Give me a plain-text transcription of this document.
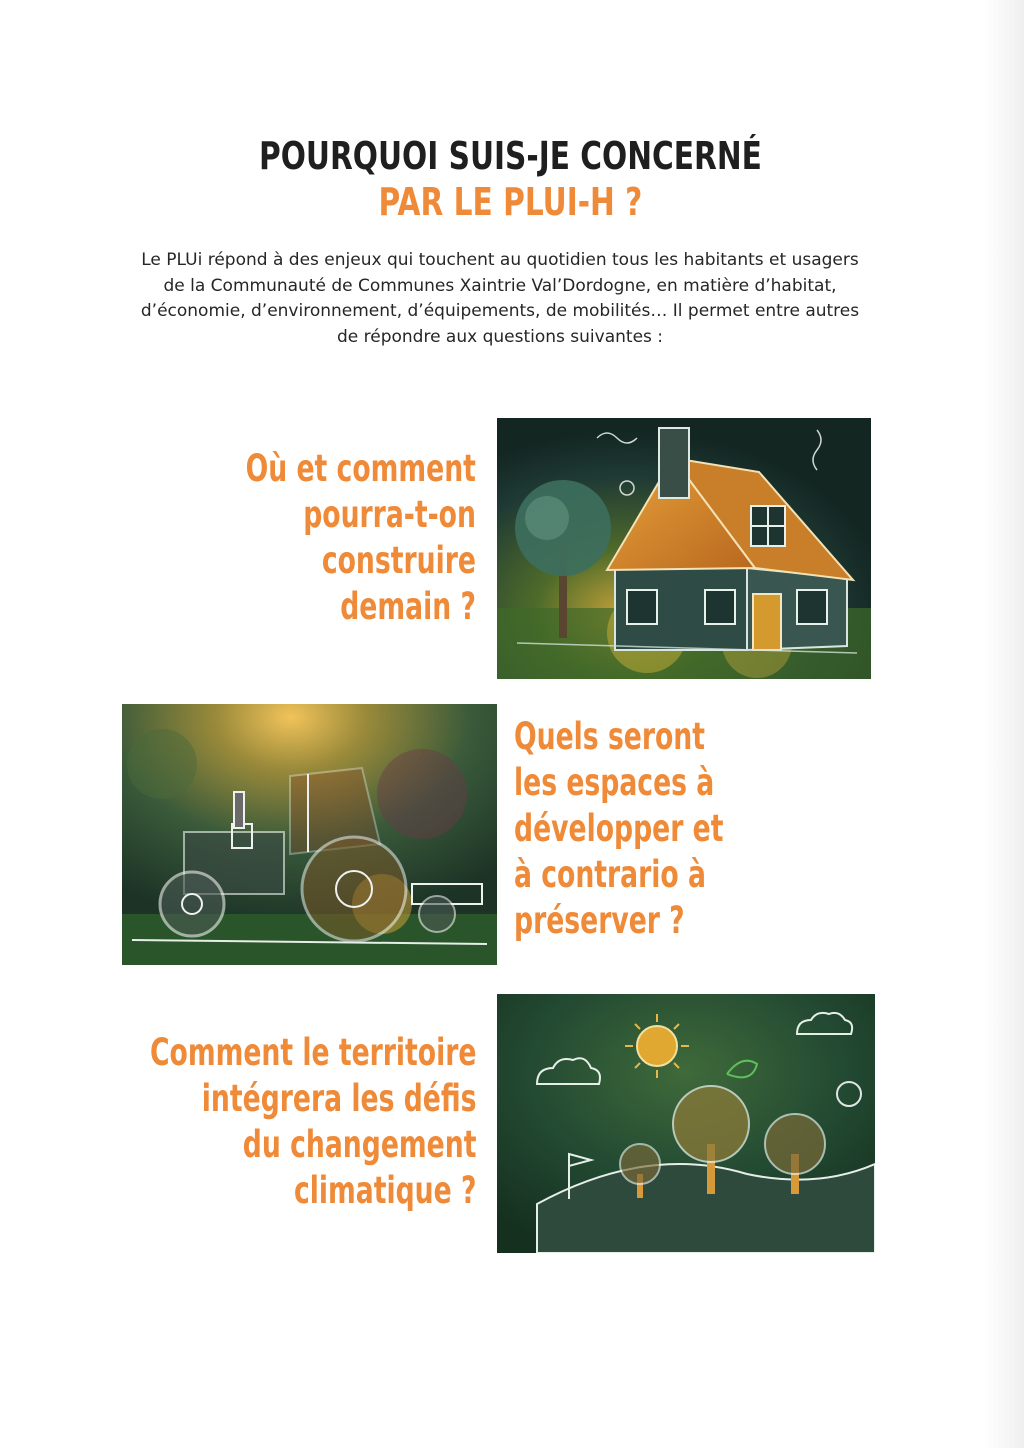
POURQUOI SUIS-JE CONCERNÉ
PAR LE PLUI-H ?
Le PLUi répond à des enjeux qui touchent au quotidien tous les habitants et usagers
de la Communauté de Communes Xaintrie Val’Dordogne, en matière d’habitat,
d’économie, d’environnement, d’équipements, de mobilités… Il permet entre autres
de répondre aux questions suivantes :
Où et comment
pourra-t-on
construire
demain ?
Quels seront
les espaces à
développer et
à contrario à
préserver ?
Comment le territoire
intégrera les défis
du changement
climatique ?
